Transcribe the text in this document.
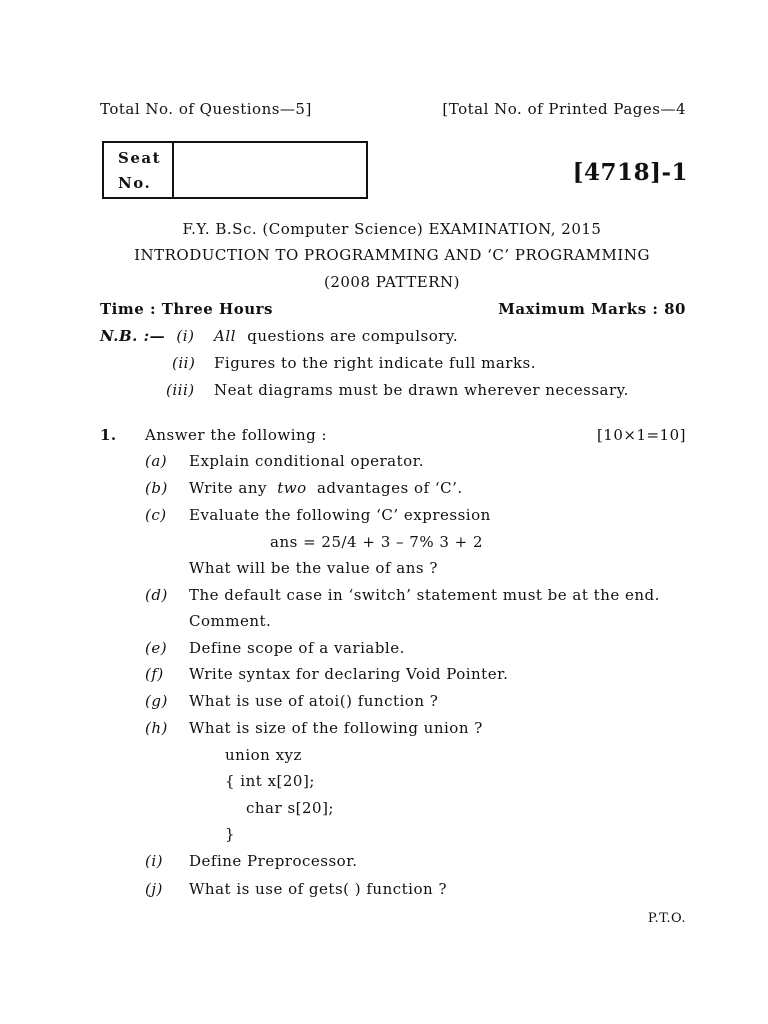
Total No. of Questions—5]	[Total No. of Printed Pages—4
Seat
No.	[4718]-1
F.Y. B.Sc. (Computer Science) EXAMINATION, 2015
INTRODUCTION TO PROGRAMMING AND ‘C’ PROGRAMMING
(2008 PATTERN)
Time : Three Hours	Maximum Marks : 80
N.B. :— (i) All questions are compulsory.
(ii) Figures to the right indicate full marks.
(iii) Neat diagrams must be drawn wherever necessary.
1. Answer the following :	[10×1=10]
(a) Explain conditional operator.
(b) Write any two advantages of ‘C’.
(c) Evaluate the following ‘C’ expression
ans = 25/4 + 3 – 7% 3 + 2
What will be the value of ans ?
(d) The default case in ‘switch’ statement must be at the end.
Comment.
(e) Define scope of a variable.
(f) Write syntax for declaring Void Pointer.
(g) What is use of atoi() function ?
(h) What is size of the following union ?
union xyz
{ int x[20];
char s[20];
}
(i) Define Preprocessor.
(j) What is use of gets( ) function ?
P.T.O.
